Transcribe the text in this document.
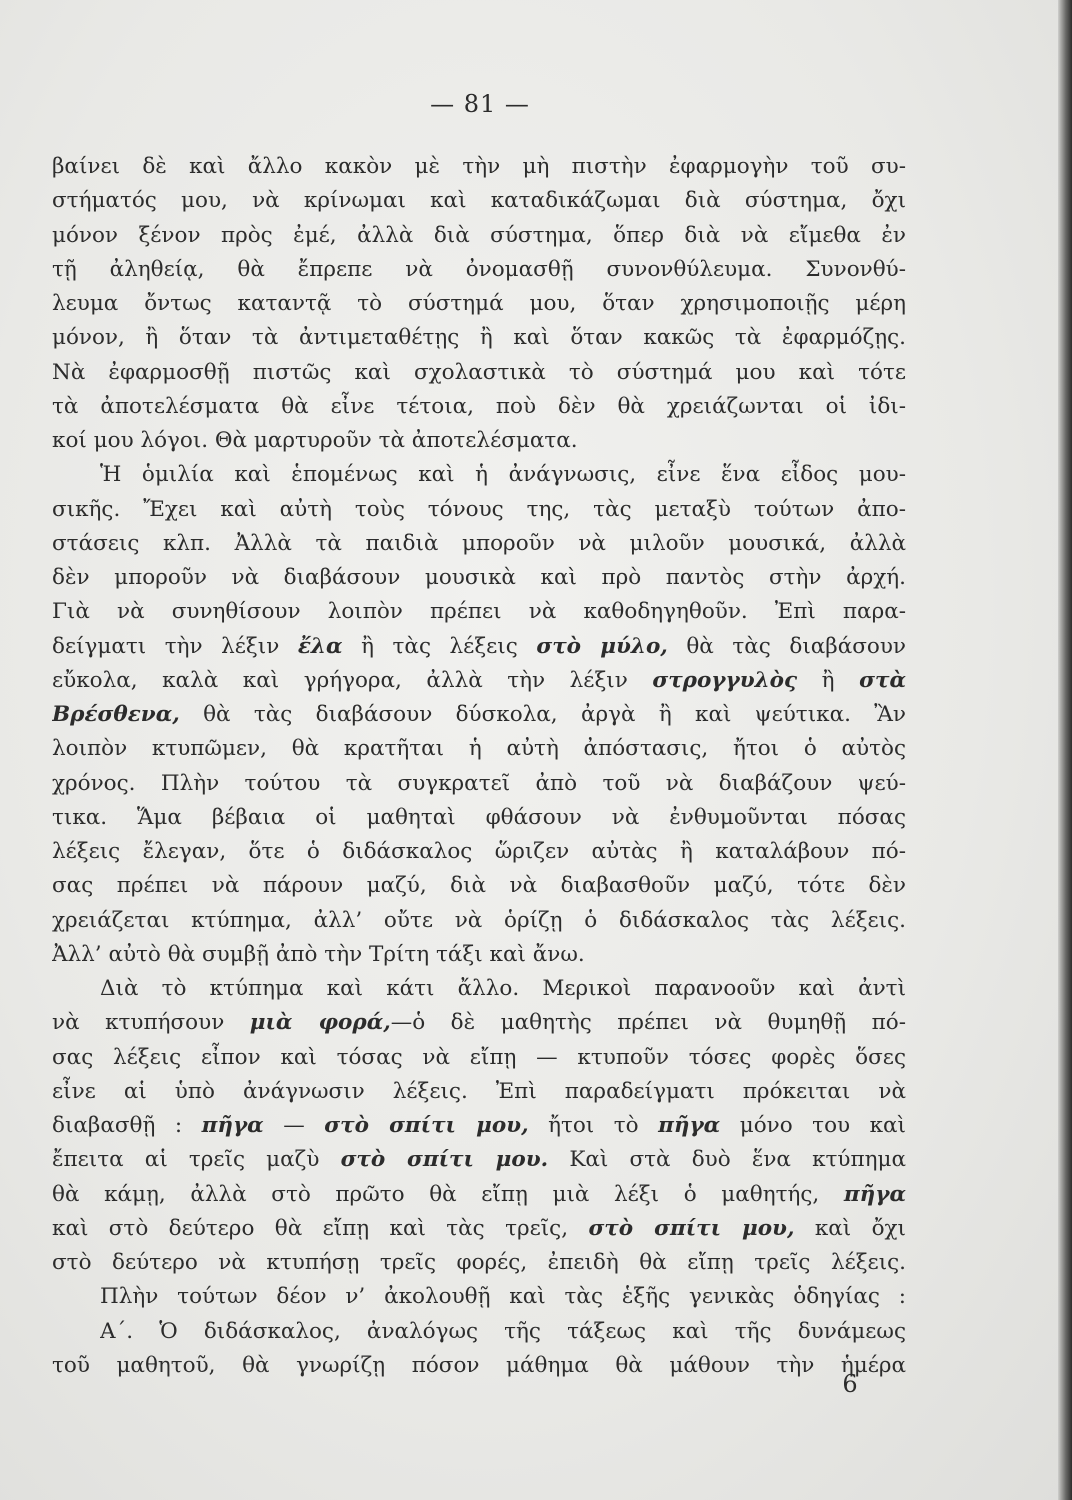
— 81 —
βαίνει δὲ καὶ ἄλλο κακὸν μὲ τὴν μὴ πιστὴν ἐφαρμογὴν τοῦ συ-
στήματός μου, νὰ κρίνωμαι καὶ καταδικάζωμαι διὰ σύστημα, ὄχι
μόνον ξένον πρὸς ἐμέ, ἀλλὰ διὰ σύστημα, ὅπερ διὰ νὰ εἴμεθα ἐν
τῇ ἀληθείᾳ, θὰ ἔπρεπε νὰ ὀνομασθῇ συνονθύλευμα. Συνονθύ-
λευμα ὄντως καταντᾷ τὸ σύστημά μου, ὅταν χρησιμοποιῇς μέρη
μόνον, ἢ ὅταν τὰ ἀντιμεταθέτῃς ἢ καὶ ὅταν κακῶς τὰ ἐφαρμόζῃς.
Νὰ ἐφαρμοσθῇ πιστῶς καὶ σχολαστικὰ τὸ σύστημά μου καὶ τότε
τὰ ἀποτελέσματα θὰ εἶνε τέτοια, ποὺ δὲν θὰ χρειάζωνται οἱ ἰδι-
κοί μου λόγοι. Θὰ μαρτυροῦν τὰ ἀποτελέσματα.
Ἡ ὁμιλία καὶ ἑπομένως καὶ ἡ ἀνάγνωσις, εἶνε ἕνα εἶδος μου-
σικῆς. Ἔχει καὶ αὐτὴ τοὺς τόνους της, τὰς μεταξὺ τούτων ἀπο-
στάσεις κλπ. Ἀλλὰ τὰ παιδιὰ μποροῦν νὰ μιλοῦν μουσικά, ἀλλὰ
δὲν μποροῦν νὰ διαβάσουν μουσικὰ καὶ πρὸ παντὸς στὴν ἀρχή.
Γιὰ νὰ συνηθίσουν λοιπὸν πρέπει νὰ καθοδηγηθοῦν. Ἐπὶ παρα-
δείγματι τὴν λέξιν ἔλα ἢ τὰς λέξεις στὸ μύλο, θὰ τὰς διαβάσουν
εὔκολα, καλὰ καὶ γρήγορα, ἀλλὰ τὴν λέξιν στρογγυλὸς ἢ στὰ
Βρέσθενα, θὰ τὰς διαβάσουν δύσκολα, ἀργὰ ἢ καὶ ψεύτικα. Ἂν
λοιπὸν κτυπῶμεν, θὰ κρατῆται ἡ αὐτὴ ἀπόστασις, ἤτοι ὁ αὐτὸς
χρόνος. Πλὴν τούτου τὰ συγκρατεῖ ἀπὸ τοῦ νὰ διαβάζουν ψεύ-
τικα. Ἅμα βέβαια οἱ μαθηταὶ φθάσουν νὰ ἐνθυμοῦνται πόσας
λέξεις ἔλεγαν, ὅτε ὁ διδάσκαλος ὥριζεν αὐτὰς ἢ καταλάβουν πό-
σας πρέπει νὰ πάρουν μαζύ, διὰ νὰ διαβασθοῦν μαζύ, τότε δὲν
χρειάζεται κτύπημα, ἀλλ’ οὔτε νὰ ὁρίζῃ ὁ διδάσκαλος τὰς λέξεις.
Ἀλλ’ αὐτὸ θὰ συμβῇ ἀπὸ τὴν Τρίτη τάξι καὶ ἄνω.
Διὰ τὸ κτύπημα καὶ κάτι ἄλλο. Μερικοὶ παρανοοῦν καὶ ἀντὶ
νὰ κτυπήσουν μιὰ φορά,—ὁ δὲ μαθητὴς πρέπει νὰ θυμηθῇ πό-
σας λέξεις εἶπον καὶ τόσας νὰ εἴπῃ — κτυποῦν τόσες φορὲς ὅσες
εἶνε αἱ ὑπὸ ἀνάγνωσιν λέξεις. Ἐπὶ παραδείγματι πρόκειται νὰ
διαβασθῇ : πῆγα — στὸ σπίτι μου, ἤτοι τὸ πῆγα μόνο του καὶ
ἔπειτα αἱ τρεῖς μαζὺ στὸ σπίτι μου. Καὶ στὰ δυὸ ἕνα κτύπημα
θὰ κάμῃ, ἀλλὰ στὸ πρῶτο θὰ εἴπῃ μιὰ λέξι ὁ μαθητής, πῆγα
καὶ στὸ δεύτερο θὰ εἴπῃ καὶ τὰς τρεῖς, στὸ σπίτι μου, καὶ ὄχι
στὸ δεύτερο νὰ κτυπήσῃ τρεῖς φορές, ἐπειδὴ θὰ εἴπῃ τρεῖς λέξεις.
Πλὴν τούτων δέον ν’ ἀκολουθῇ καὶ τὰς ἑξῆς γενικὰς ὁδηγίας :
Α΄. Ὁ διδάσκαλος, ἀναλόγως τῆς τάξεως καὶ τῆς δυνάμεως
τοῦ μαθητοῦ, θὰ γνωρίζῃ πόσον μάθημα θὰ μάθουν τὴν ἡμέρα
6
